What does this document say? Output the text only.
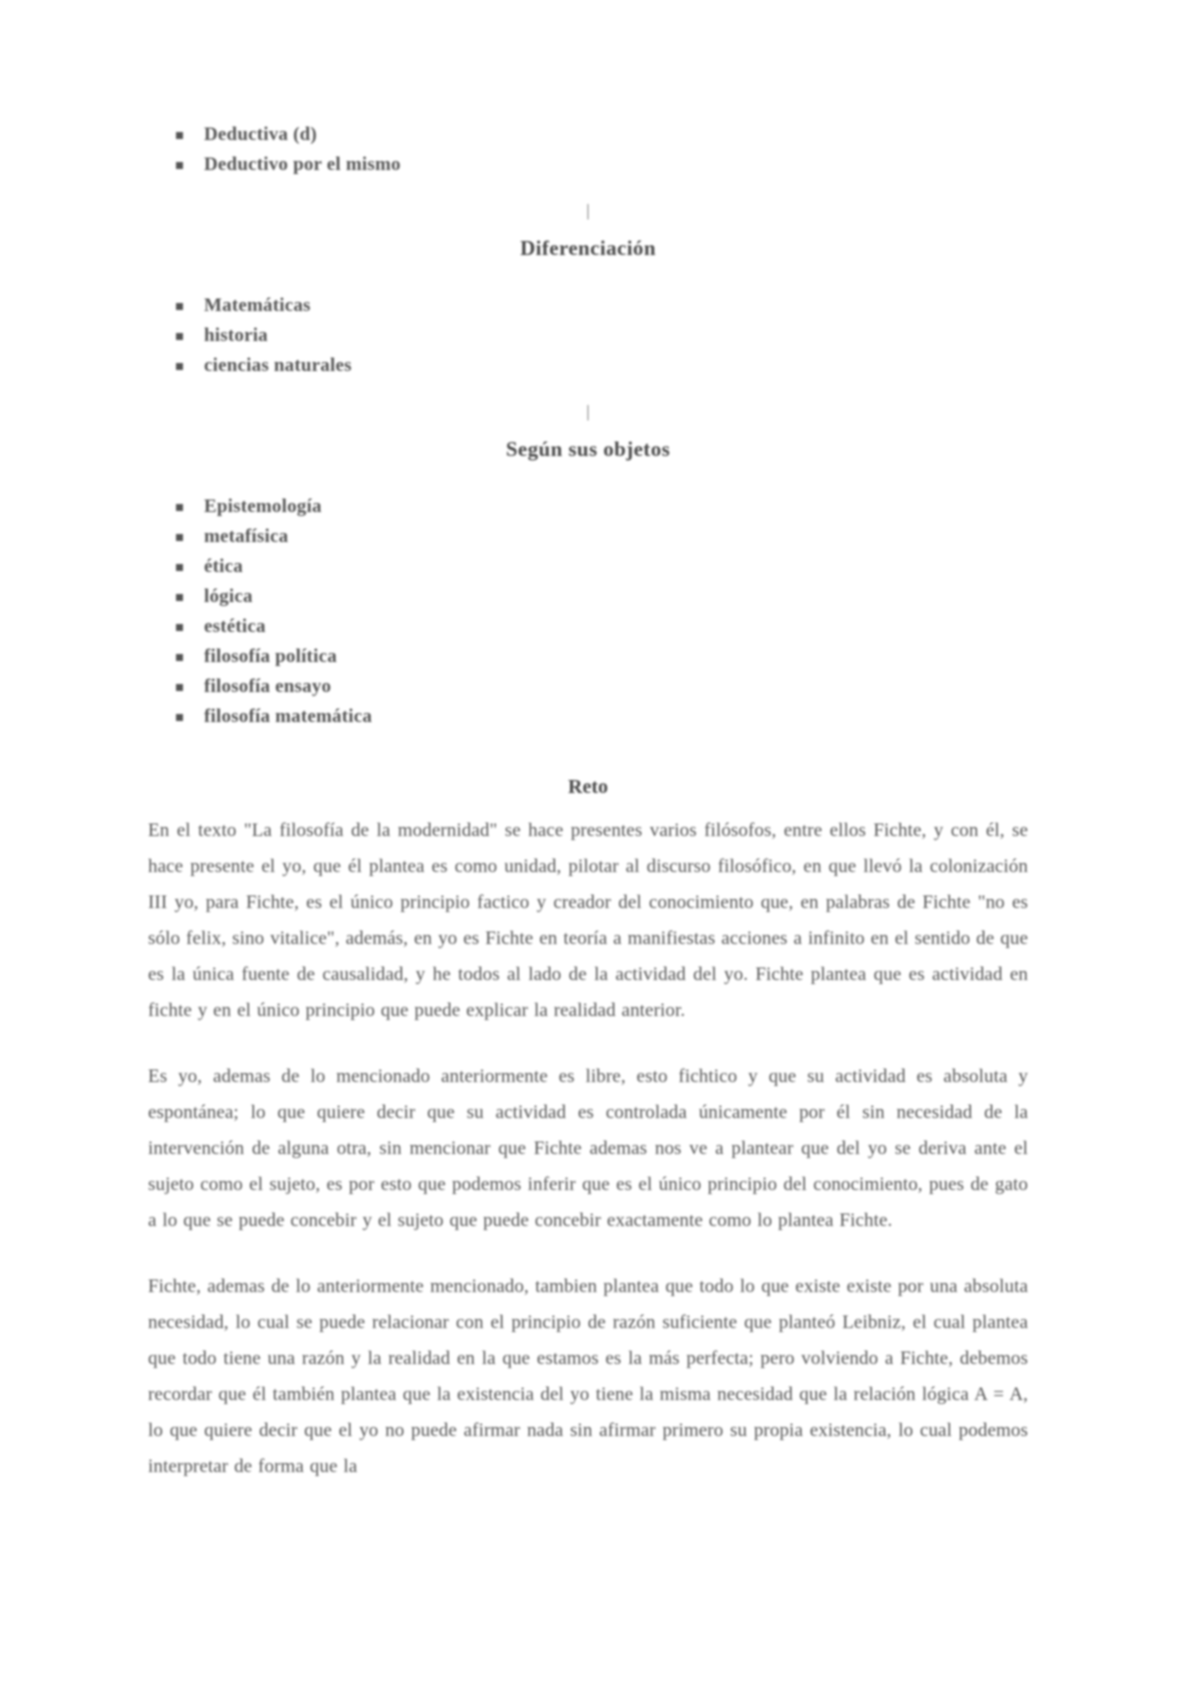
Deductiva (d)
Deductivo por el mismo

|

Diferenciación
Matemáticas
historia
ciencias naturales

|

Según sus objetos
Epistemología
metafísica
ética
lógica
estética
filosofía política
filosofía ensayo
filosofía matemática
Reto

En el texto "La filosofía de la modernidad" se hace presentes varios filósofos, entre ellos Fichte, y con él, se hace presente el yo, que él plantea es como unidad, pilotar al discurso filosófico, en que llevó la colonización III yo, para Fichte, es el único principio factico y creador del conocimiento que, en palabras de Fichte "no es sólo felix, sino vitalice", además, en yo es Fichte en teoría a manifiestas acciones a infinito en el sentido de que es la única fuente de causalidad, y he todos al lado de la actividad del yo. Fichte plantea que es actividad en fichte y en el único principio que puede explicar la realidad anterior.

Es yo, ademas de lo mencionado anteriormente es libre, esto fichtico y que su actividad es absoluta y espontánea; lo que quiere decir que su actividad es controlada únicamente por él sin necesidad de la intervención de alguna otra, sin mencionar que Fichte ademas nos ve a plantear que del yo se deriva ante el sujeto como el sujeto, es por esto que podemos inferir que es el único principio del conocimiento, pues de gato a lo que se puede concebir y el sujeto que puede concebir exactamente como lo plantea Fichte.

Fichte, ademas de lo anteriormente mencionado, tambien plantea que todo lo que existe existe por una absoluta necesidad, lo cual se puede relacionar con el principio de razón suficiente que planteó Leibniz, el cual plantea que todo tiene una razón y la realidad en la que estamos es la más perfecta; pero volviendo a Fichte, debemos recordar que él también plantea que la existencia del yo tiene la misma necesidad que la relación lógica A = A, lo que quiere decir que el yo no puede afirmar nada sin afirmar primero su propia existencia, lo cual podemos interpretar de forma que la
